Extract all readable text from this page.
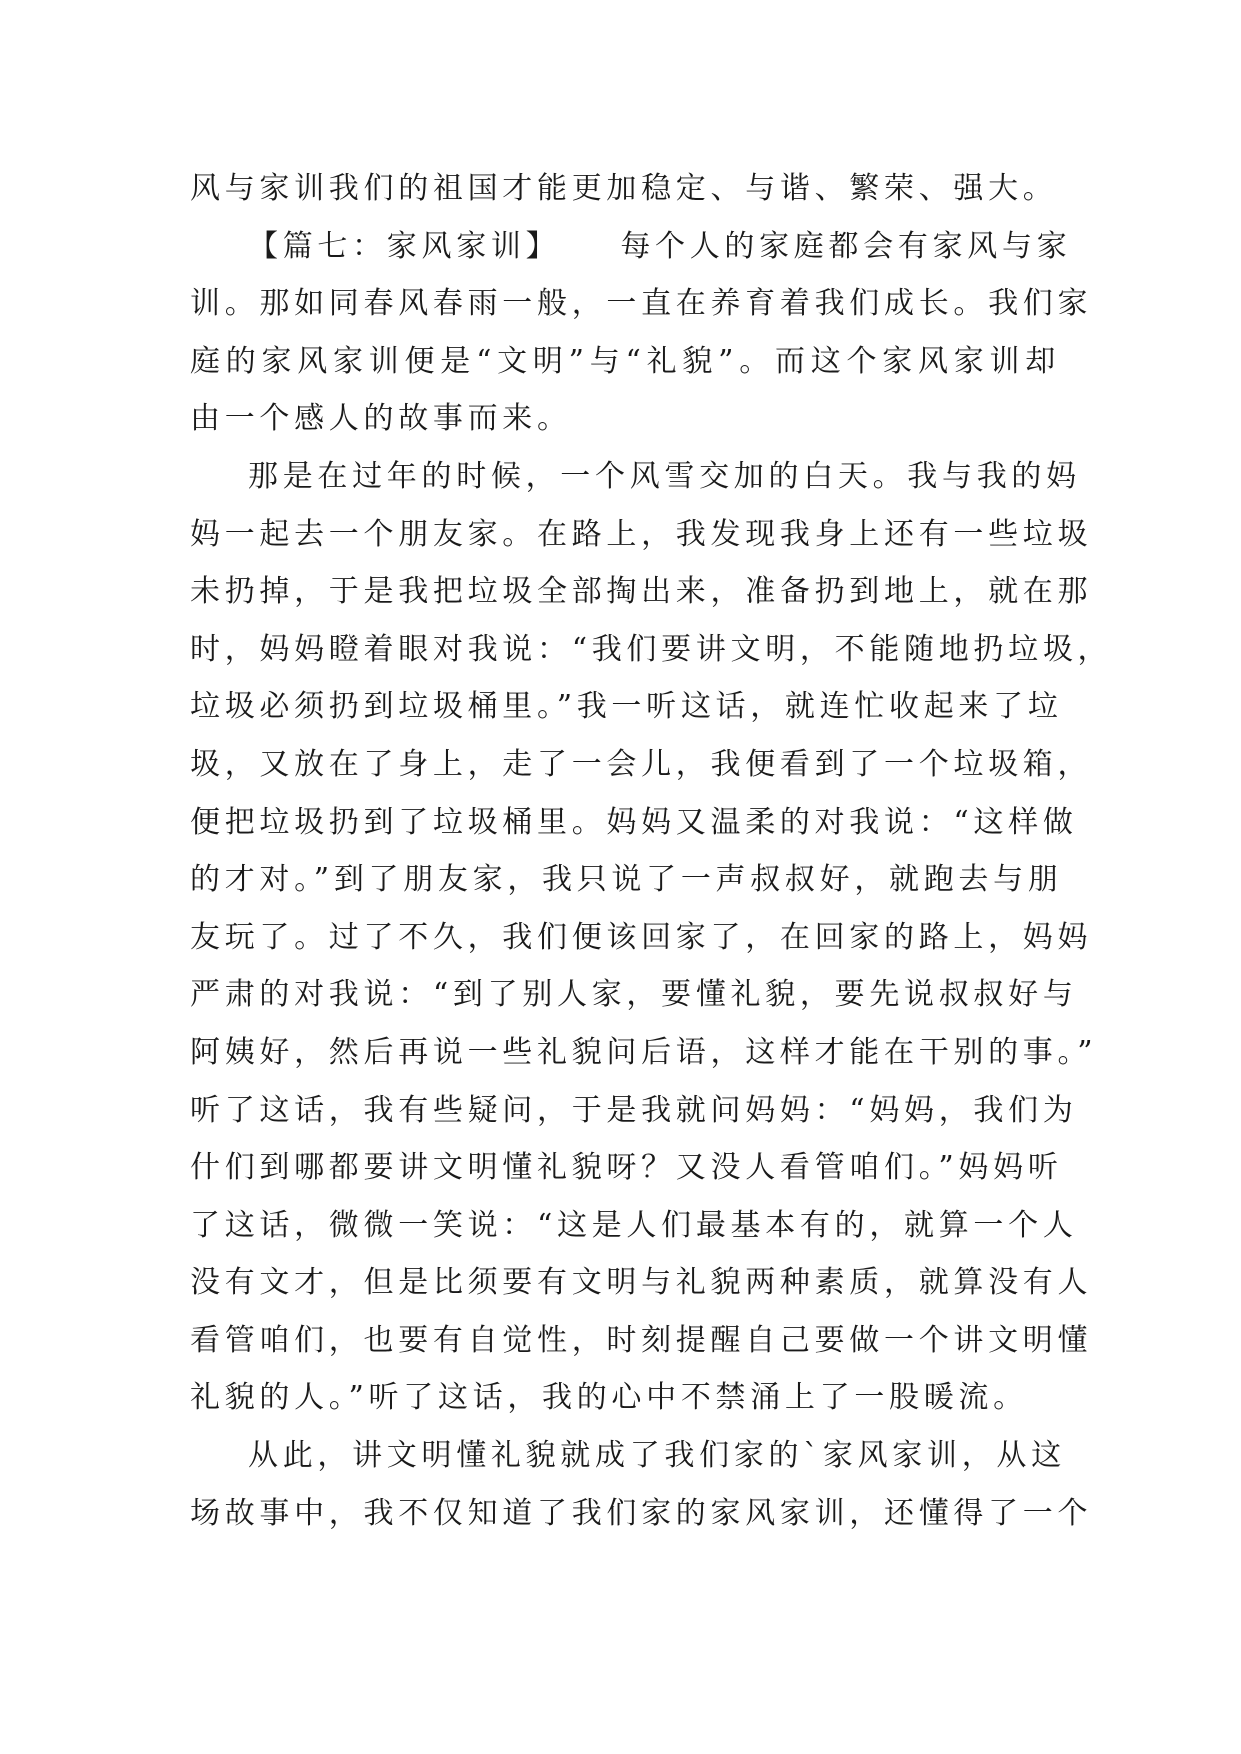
风与家训我们的祖国才能更加稳定、与谐、繁荣、强大。
【篇七：家风家训】 每个人的家庭都会有家风与家
训。那如同春风春雨一般，一直在养育着我们成长。我们家
庭的家风家训便是“文明”与“礼貌”。而这个家风家训却
由一个感人的故事而来。
那是在过年的时候，一个风雪交加的白天。我与我的妈
妈一起去一个朋友家。在路上，我发现我身上还有一些垃圾
未扔掉，于是我把垃圾全部掏出来，准备扔到地上，就在那
时，妈妈瞪着眼对我说：“我们要讲文明，不能随地扔垃圾，
垃圾必须扔到垃圾桶里。”我一听这话，就连忙收起来了垃
圾，又放在了身上，走了一会儿，我便看到了一个垃圾箱，
便把垃圾扔到了垃圾桶里。妈妈又温柔的对我说：“这样做
的才对。”到了朋友家，我只说了一声叔叔好，就跑去与朋
友玩了。过了不久，我们便该回家了，在回家的路上，妈妈
严肃的对我说：“到了别人家，要懂礼貌，要先说叔叔好与
阿姨好，然后再说一些礼貌问后语，这样才能在干别的事。”
听了这话，我有些疑问，于是我就问妈妈：“妈妈，我们为
什们到哪都要讲文明懂礼貌呀？又没人看管咱们。”妈妈听
了这话，微微一笑说：“这是人们最基本有的，就算一个人
没有文才，但是比须要有文明与礼貌两种素质，就算没有人
看管咱们，也要有自觉性，时刻提醒自己要做一个讲文明懂
礼貌的人。”听了这话，我的心中不禁涌上了一股暖流。
从此，讲文明懂礼貌就成了我们家的`家风家训，从这
场故事中，我不仅知道了我们家的家风家训，还懂得了一个
